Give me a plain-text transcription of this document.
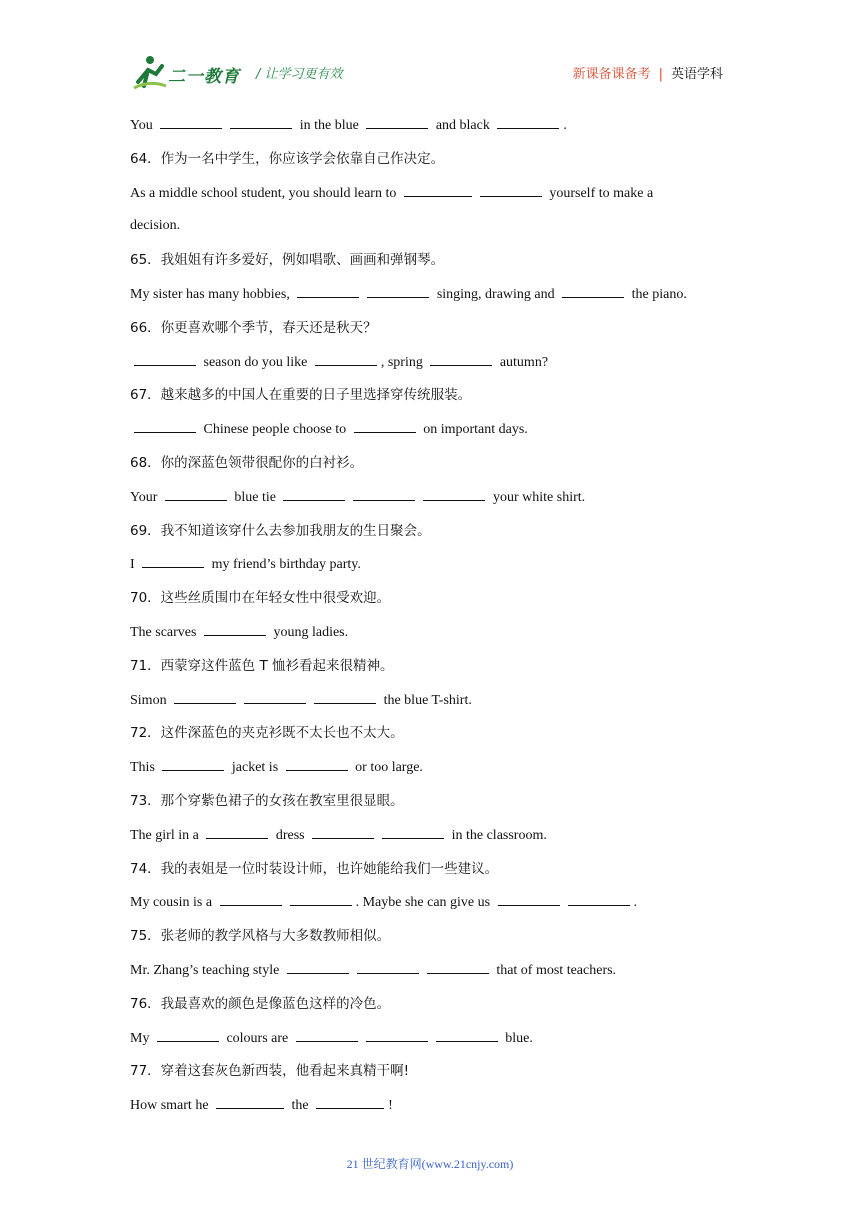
二一教育 / 让学习更有效	新课备课备考 | 英语学科
You	in the blue	and black	.
64．作为一名中学生，你应该学会依靠自己作决定。
As a middle school student, you should learn to	yourself to make a
decision.
65．我姐姐有许多爱好，例如唱歌、画画和弹钢琴。
My sister has many hobbies,	singing, drawing and	the piano.
66．你更喜欢哪个季节，春天还是秋天？
season do you like	, spring	autumn?
67．越来越多的中国人在重要的日子里选择穿传统服装。
Chinese people choose to	on important days.
68．你的深蓝色领带很配你的白衬衫。
Your	blue tie	your white shirt.
69．我不知道该穿什么去参加我朋友的生日聚会。
I	my friend’s birthday party.
70．这些丝质围巾在年轻女性中很受欢迎。
The scarves	young ladies.
71．西蒙穿这件蓝色 T 恤衫看起来很精神。
Simon	the blue T-shirt.
72．这件深蓝色的夹克衫既不太长也不太大。
This	jacket is	or too large.
73．那个穿紫色裙子的女孩在教室里很显眼。
The girl in a	dress	in the classroom.
74．我的表姐是一位时装设计师，也许她能给我们一些建议。
My cousin is a	. Maybe she can give us	.
75．张老师的教学风格与大多数教师相似。
Mr. Zhang’s teaching style	that of most teachers.
76．我最喜欢的颜色是像蓝色这样的冷色。
My	colours are	blue.
77．穿着这套灰色新西装，他看起来真精干啊!
How smart he	the	!
21 世纪教育网(www.21cnjy.com)
